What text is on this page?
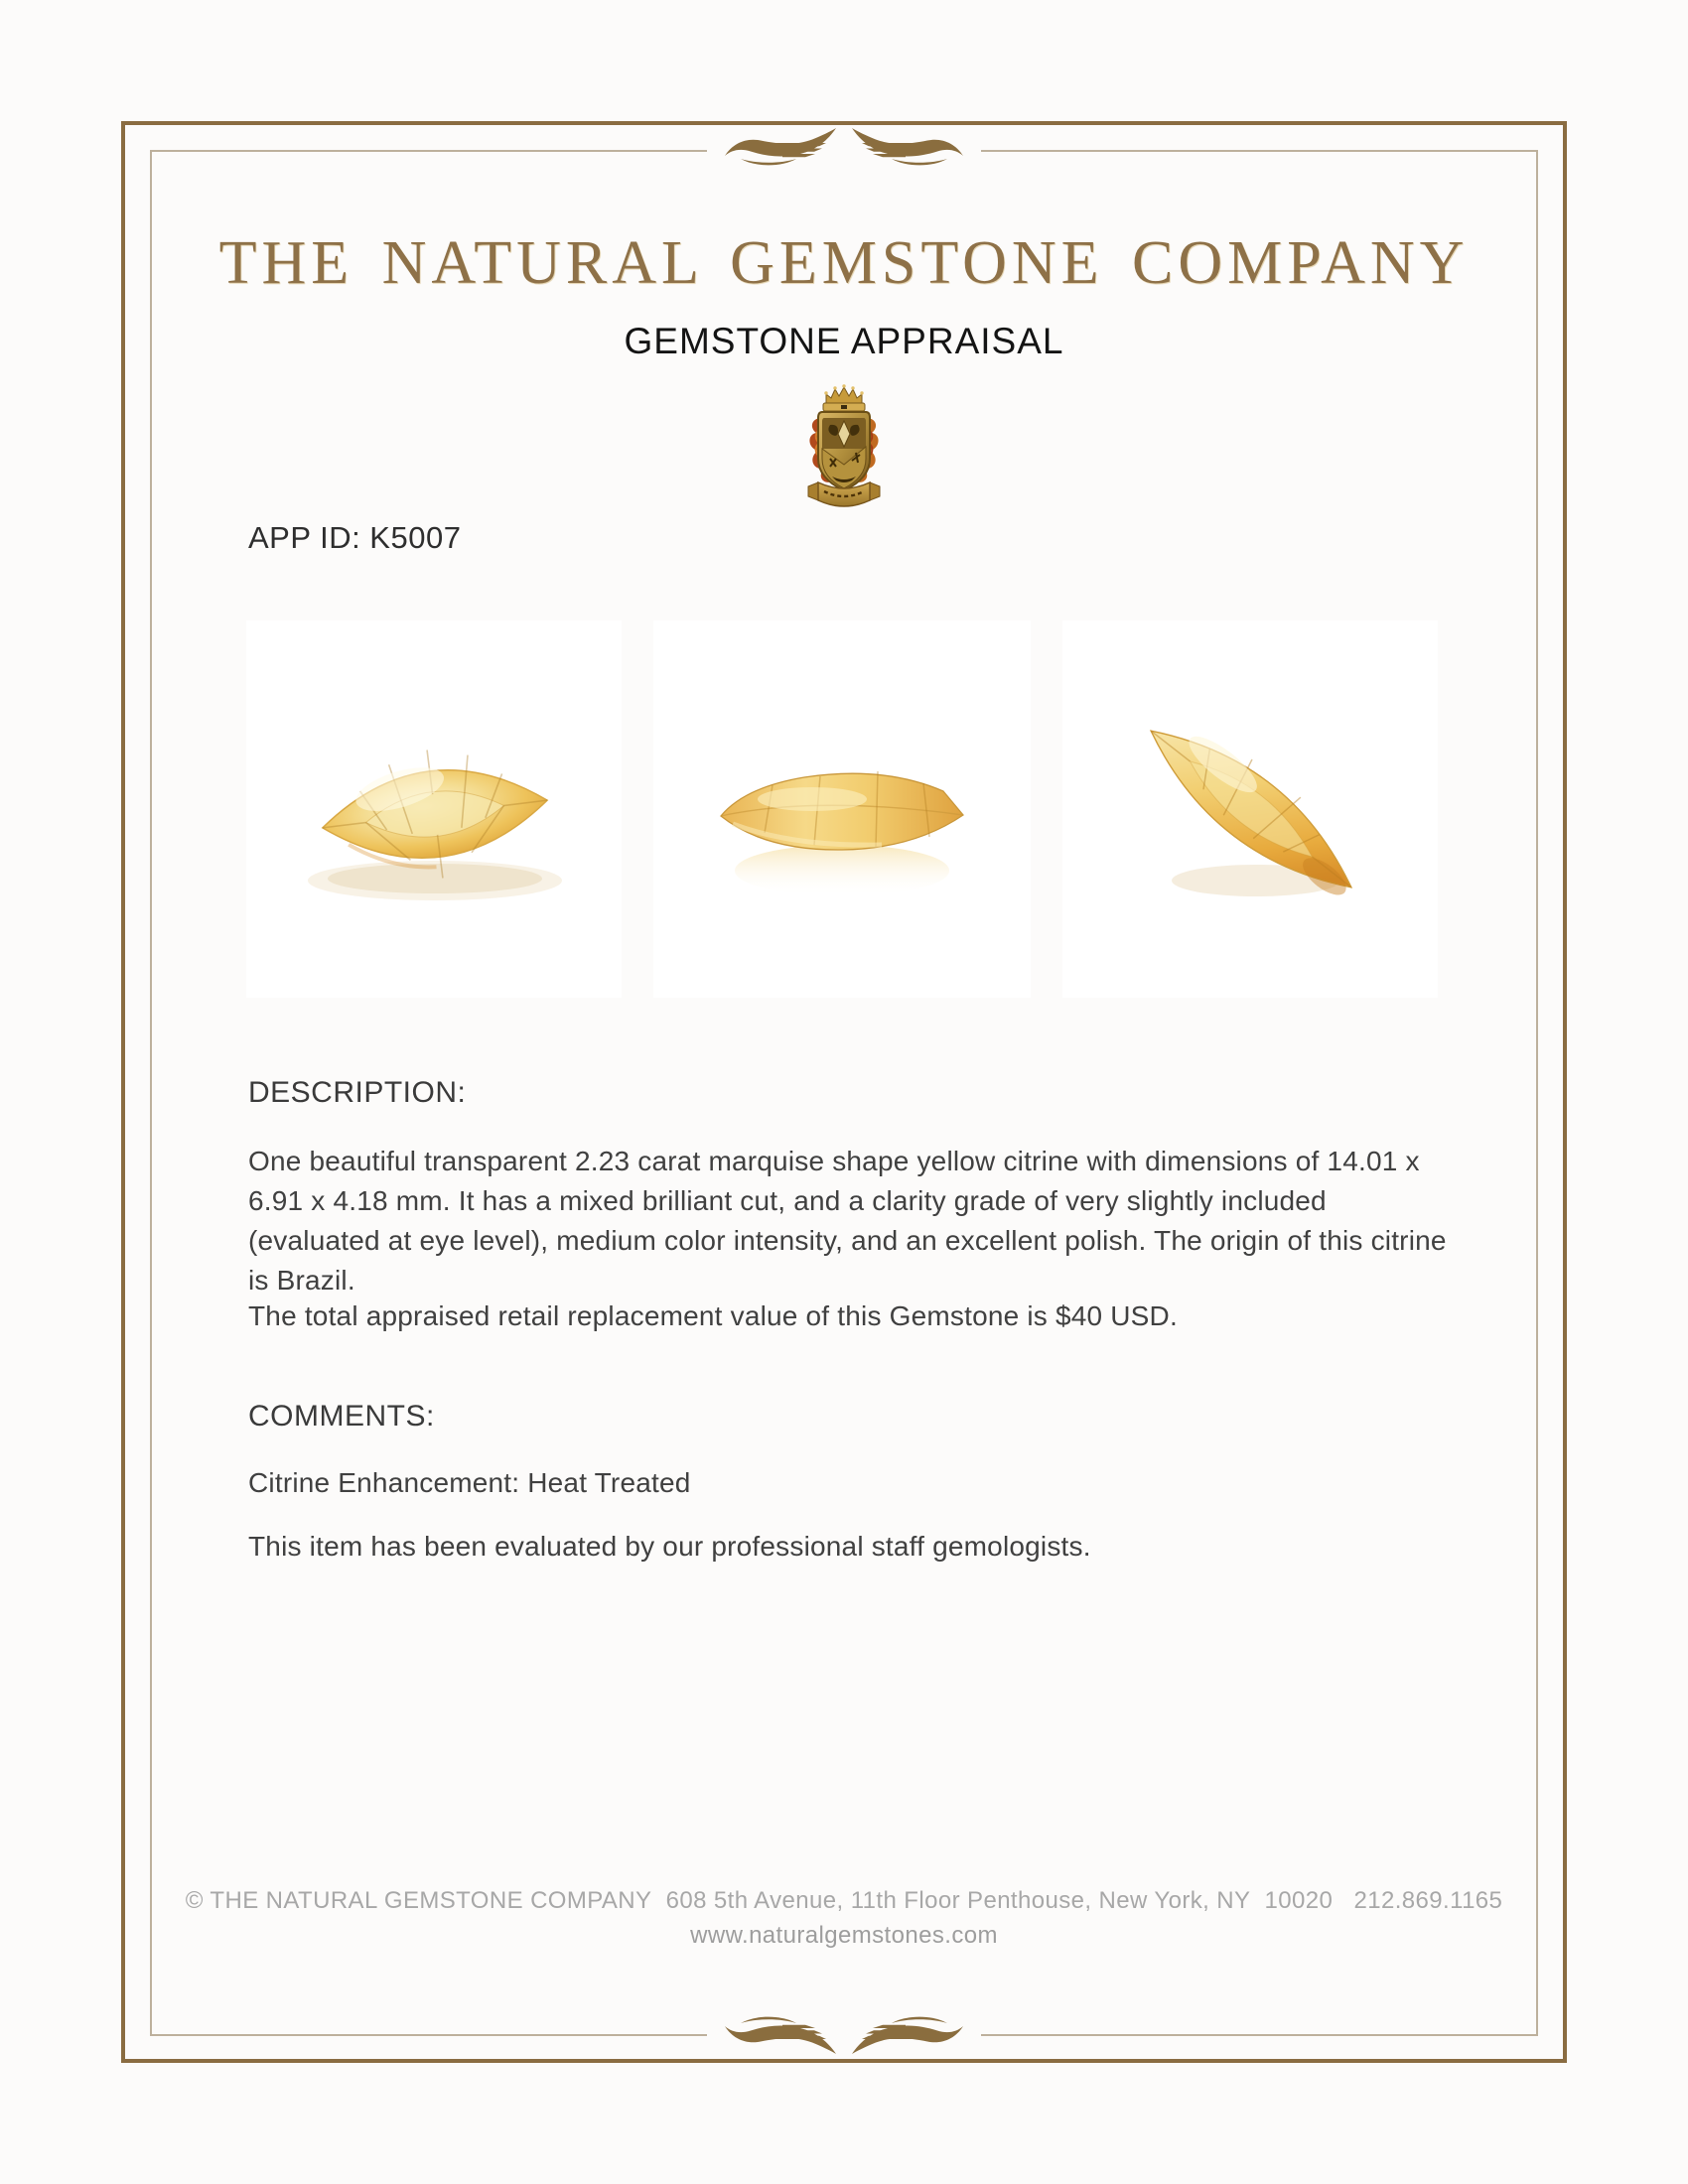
THE NATURAL GEMSTONE COMPANY
GEMSTONE APPRAISAL
APP ID: K5007
DESCRIPTION:
One beautiful transparent 2.23 carat marquise shape yellow citrine with dimensions of 14.01 x 6.91 x 4.18 mm. It has a mixed brilliant cut, and a clarity grade of very slightly included (evaluated at eye level), medium color intensity, and an excellent polish. The origin of this citrine is Brazil.
The total appraised retail replacement value of this Gemstone is $40 USD.
COMMENTS:
Citrine Enhancement: Heat Treated
This item has been evaluated by our professional staff gemologists.
© THE NATURAL GEMSTONE COMPANY  608 5th Avenue, 11th Floor Penthouse, New York, NY  10020   212.869.1165
www.naturalgemstones.com
